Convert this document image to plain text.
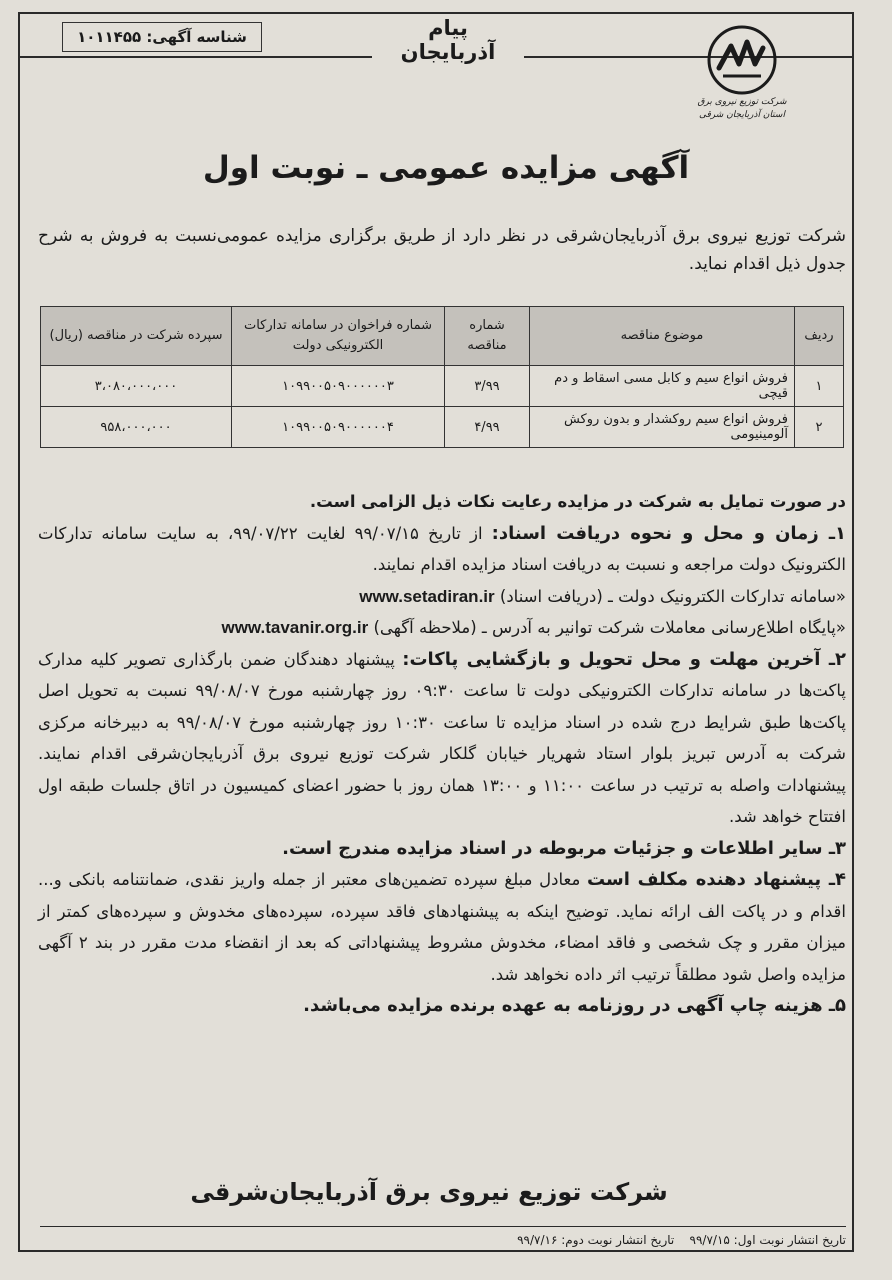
پیام آذربایجان
شناسه آگهی: ۱۰۱۱۴۵۵
شرکت توزیع نیروی برق
استان آذربایجان شرقی
آگهی مزایده عمومی ـ نوبت اول
شرکت توزیع نیروی برق آذربایجان‌شرقی در نظر دارد از طریق برگزاری مزایده عمومی‌نسبت به فروش به شرح جدول ذیل اقدام نماید.
ردیف	موضوع مناقصه	شماره مناقصه	شماره فراخوان در سامانه تدارکات الکترونیکی دولت	سپرده شرکت در مناقصه (ریال)
۱	فروش انواع سیم و کابل مسی اسقاط و دم قیچی	۳/۹۹	۱۰۹۹۰۰۵۰۹۰۰۰۰۰۰۳	۳،۰۸۰،۰۰۰،۰۰۰
۲	فروش انواع سیم روکشدار و بدون روکش آلومینیومی	۴/۹۹	۱۰۹۹۰۰۵۰۹۰۰۰۰۰۰۴	۹۵۸،۰۰۰،۰۰۰

در صورت تمایل به شرکت در مزایده رعایت نکات ذیل الزامی است.

۱ـ زمان و محل و نحوه دریافت اسناد: از تاریخ ۹۹/۰۷/۱۵ لغایت ۹۹/۰۷/۲۲، به سایت سامانه تدارکات الکترونیک دولت مراجعه و نسبت به دریافت اسناد مزایده اقدام نمایند.

«سامانه تدارکات الکترونیک دولت ـ (دریافت اسناد) www.setadiran.ir

«پایگاه اطلاع‌رسانی معاملات شرکت توانیر به آدرس ـ (ملاحظه آگهی) www.tavanir.org.ir

۲ـ آخرین مهلت و محل تحویل و بازگشایی پاکات: پیشنهاد دهندگان ضمن بارگذاری تصویر کلیه مدارک پاکت‌ها در سامانه تدارکات الکترونیکی دولت تا ساعت ۰۹:۳۰ روز چهارشنبه مورخ ۹۹/۰۸/۰۷ نسبت به تحویل اصل پاکت‌ها طبق شرایط درج شده در اسناد مزایده تا ساعت ۱۰:۳۰ روز چهارشنبه مورخ ۹۹/۰۸/۰۷ به دبیرخانه مرکزی شرکت به آدرس تبریز بلوار استاد شهریار خیابان گلکار شرکت توزیع نیروی برق آذربایجان‌شرقی اقدام نمایند. پیشنهادات واصله به ترتیب در ساعت ۱۱:۰۰ و ۱۳:۰۰ همان روز با حضور اعضای کمیسیون در اتاق جلسات طبقه اول افتتاح خواهد شد.

۳ـ سایر اطلاعات و جزئیات مربوطه در اسناد مزایده مندرج است.

۴ـ پیشنهاد دهنده مکلف است معادل مبلغ سپرده تضمین‌های معتبر از جمله واریز نقدی، ضمانتنامه بانکی و... اقدام و در پاکت الف ارائه نماید. توضیح اینکه به پیشنهادهای فاقد سپرده، سپرده‌های مخدوش و سپرده‌های کمتر از میزان مقرر و چک شخصی و فاقد امضاء، مخدوش مشروط پیشنهاداتی که بعد از انقضاء مدت مقرر در بند ۲ آگهی مزایده واصل شود مطلقاً ترتیب اثر داده نخواهد شد.

۵ـ هزینه چاپ آگهی در روزنامه به عهده برنده مزایده می‌باشد.

شرکت توزیع نیروی برق آذربایجان‌شرقی
تاریخ انتشار نوبت اول: ۹۹/۷/۱۵    تاریخ انتشار نوبت دوم: ۹۹/۷/۱۶
